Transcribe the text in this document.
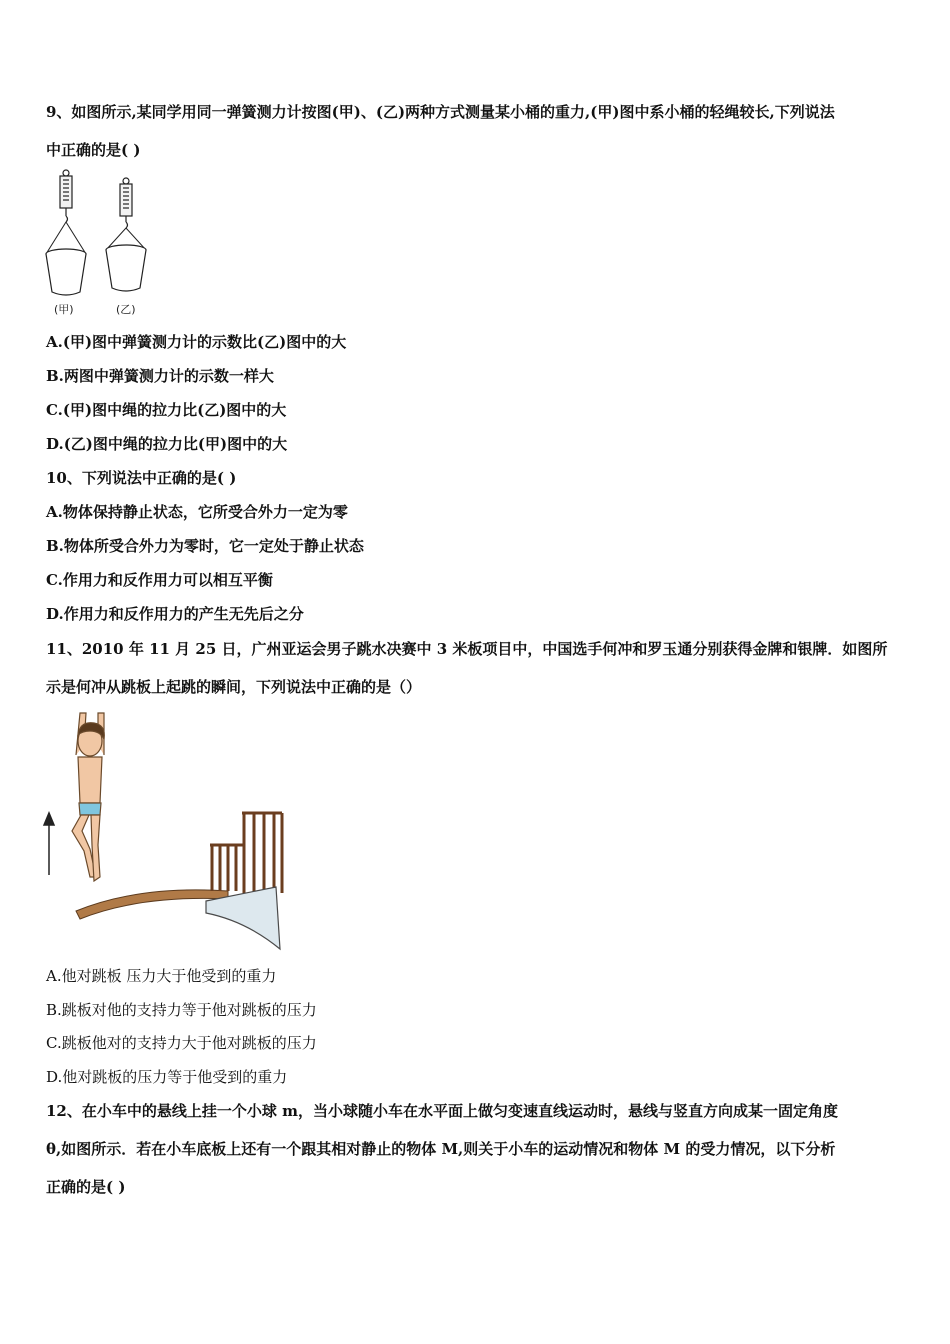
9、如图所示,某同学用同一弹簧测力计按图(甲)、(乙)两种方式测量某小桶的重力,(甲)图中系小桶的轻绳较长,下列说法
中正确的是( )
(甲)	(乙)
A.(甲)图中弹簧测力计的示数比(乙)图中的大
B.两图中弹簧测力计的示数一样大
C.(甲)图中绳的拉力比(乙)图中的大
D.(乙)图中绳的拉力比(甲)图中的大
10、下列说法中正确的是( )
A.物体保持静止状态，它所受合外力一定为零
B.物体所受合外力为零时，它一定处于静止状态
C.作用力和反作用力可以相互平衡
D.作用力和反作用力的产生无先后之分
11、2010 年 11 月 25 日，广州亚运会男子跳水决赛中 3 米板项目中，中国选手何冲和罗玉通分别获得金牌和银牌．如图所
示是何冲从跳板上起跳的瞬间，下列说法中正确的是（）
A.他对跳板 压力大于他受到的重力
B.跳板对他的支持力等于他对跳板的压力
C.跳板他对的支持力大于他对跳板的压力
D.他对跳板的压力等于他受到的重力
12、在小车中的悬线上挂一个小球 m，当小球随小车在水平面上做匀变速直线运动时，悬线与竖直方向成某一固定角度
θ,如图所示．若在小车底板上还有一个跟其相对静止的物体 M,则关于小车的运动情况和物体 M 的受力情况，以下分析
正确的是( )
